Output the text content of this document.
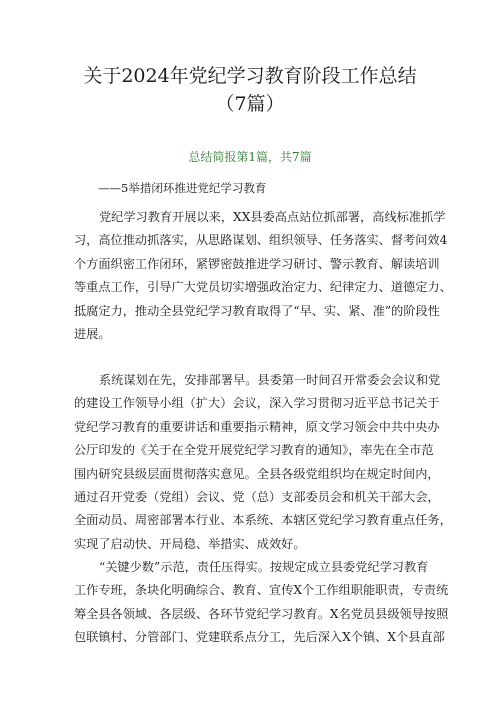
关于2024年党纪学习教育阶段工作总结
（7篇）
总结简报第1篇，共7篇
——5举措闭环推进党纪学习教育
党纪学习教育开展以来，XX县委高点站位抓部署，高线标准抓学
习，高位推动抓落实，从思路谋划、组织领导、任务落实、督考问效4
个方面织密工作闭环，紧锣密鼓推进学习研讨、警示教育、解读培训
等重点工作，引导广大党员切实增强政治定力、纪律定力、道德定力、
抵腐定力，推动全县党纪学习教育取得了“早、实、紧、准”的阶段性
进展。
系统谋划在先，安排部署早。县委第一时间召开常委会会议和党
的建设工作领导小组（扩大）会议，深入学习贯彻习近平总书记关于
党纪学习教育的重要讲话和重要指示精神，原文学习领会中共中央办
公厅印发的《关于在全党开展党纪学习教育的通知》，率先在全市范
围内研究县级层面贯彻落实意见。全县各级党组织均在规定时间内，
通过召开党委（党组）会议、党（总）支部委员会和机关干部大会，
全面动员、周密部署本行业、本系统、本辖区党纪学习教育重点任务，
实现了启动快、开局稳、举措实、成效好。
“关键少数”示范，责任压得实。按规定成立县委党纪学习教育
工作专班，条块化明确综合、教育、宣传X个工作组职能职责，专责统
筹全县各领域、各层级、各环节党纪学习教育。X名党员县级领导按照
包联镇村、分管部门、党建联系点分工，先后深入X个镇、X个县直部
